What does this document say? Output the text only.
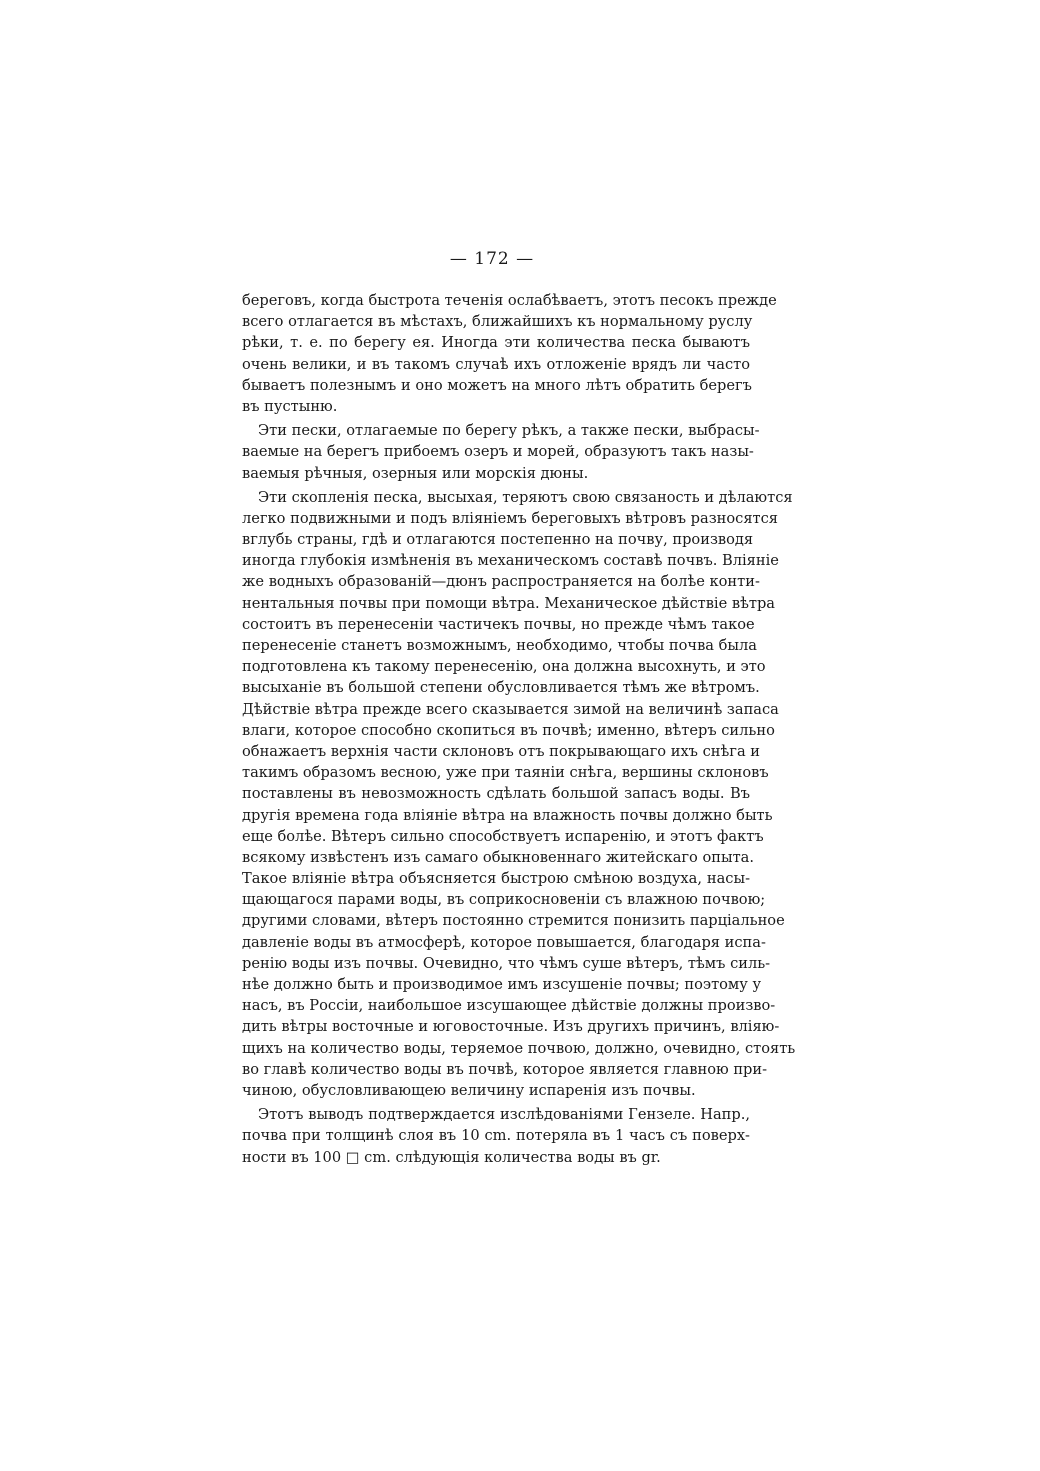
— 172 —
береговъ, когда быстрота теченія ослабѣваетъ, этотъ песокъ прежде
всего отлагается въ мѣстахъ, ближайшихъ къ нормальному руслу
рѣки, т. е. по берегу ея. Иногда эти количества песка бываютъ
очень велики, и въ такомъ случаѣ ихъ отложеніе врядъ ли часто
бываетъ полезнымъ и оно можетъ на много лѣтъ обратить берегъ
въ пустыню.
Эти пески, отлагаемые по берегу рѣкъ, а также пески, выбрасы-
ваемые на берегъ прибоемъ озеръ и морей, образуютъ такъ назы-
ваемыя рѣчныя, озерныя или морскія дюны.
Эти скопленія песка, высыхая, теряютъ свою связаность и дѣлаются
легко подвижными и подъ вліяніемъ береговыхъ вѣтровъ разносятся
вглубь страны, гдѣ и отлагаются постепенно на почву, производя
иногда глубокія измѣненія въ механическомъ составѣ почвъ. Вліяніе
же водныхъ образованій—дюнъ распространяется на болѣе конти-
нентальныя почвы при помощи вѣтра. Механическое дѣйствіе вѣтра
состоитъ въ перенесеніи частичекъ почвы, но прежде чѣмъ такое
перенесеніе станетъ возможнымъ, необходимо, чтобы почва была
подготовлена къ такому перенесенію, она должна высохнуть, и это
высыханіе въ большой степени обусловливается тѣмъ же вѣтромъ.
Дѣйствіе вѣтра прежде всего сказывается зимой на величинѣ запаса
влаги, которое способно скопиться въ почвѣ; именно, вѣтеръ сильно
обнажаетъ верхнія части склоновъ отъ покрывающаго ихъ снѣга и
такимъ образомъ весною, уже при таяніи снѣга, вершины склоновъ
поставлены въ невозможность сдѣлать большой запасъ воды. Въ
другія времена года вліяніе вѣтра на влажность почвы должно быть
еще болѣе. Вѣтеръ сильно способствуетъ испаренію, и этотъ фактъ
всякому извѣстенъ изъ самаго обыкновеннаго житейскаго опыта.
Такое вліяніе вѣтра объясняется быстрою смѣною воздуха, насы-
щающагося парами воды, въ соприкосновеніи съ влажною почвою;
другими словами, вѣтеръ постоянно стремится понизить парціальное
давленіе воды въ атмосферѣ, которое повышается, благодаря испа-
ренію воды изъ почвы. Очевидно, что чѣмъ суше вѣтеръ, тѣмъ силь-
нѣе должно быть и производимое имъ изсушеніе почвы; поэтому у
насъ, въ Россіи, наибольшое изсушающее дѣйствіе должны произво-
дить вѣтры восточные и юговосточные. Изъ другихъ причинъ, вліяю-
щихъ на количество воды, теряемое почвою, должно, очевидно, стоять
во главѣ количество воды въ почвѣ, которое является главною при-
чиною, обусловливающею величину испаренія изъ почвы.
Этотъ выводъ подтверждается изслѣдованіями Гензеле. Напр.,
почва при толщинѣ слоя въ 10 cm. потеряла въ 1 часъ съ поверх-
ности въ 100 □ cm. слѣдующія количества воды въ gr.
